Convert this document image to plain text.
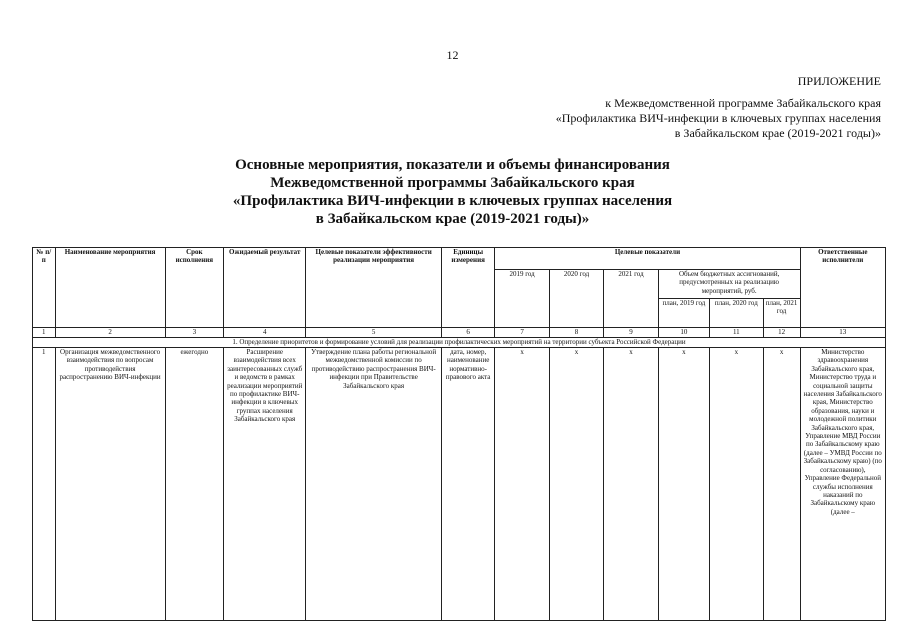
12
ПРИЛОЖЕНИЕ
к Межведомственной программе Забайкальского края
«Профилактика ВИЧ-инфекции в ключевых группах населения
в Забайкальском крае (2019-2021 годы)»
Основные мероприятия, показатели и объемы финансирования
Межведомственной программы Забайкальского края
«Профилактика ВИЧ-инфекции в ключевых группах населения
в Забайкальском крае (2019-2021 годы)»
№ п/п	Наименование мероприятия	Срок исполнения	Ожидаемый результат	Целевые показатели эффективности реализации мероприятия	Единицы измерения	Целевые показатели						Ответственные исполнители
						2019 год	2020 год	2021 год	Объем бюджетных ассигнований, предусмотренных на реализацию мероприятий, руб.			
									план, 2019 год	план, 2020 год	план, 2021 год	
1	2	3	4	5	6	7	8	9	10	11	12	13
1. Определение приоритетов и формирование условий для реализации профилактических мероприятий на территории субъекта Российской Федерации												
1	Организация межведомственного взаимодействия по вопросам противодействия распространению ВИЧ-инфекции	ежегодно	Расширение взаимодействия всех заинтересованных служб и ведомств в рамках реализации мероприятий по профилактике ВИЧ-инфекции в ключевых группах населения Забайкальского края	Утверждение плана работы региональной межведомственной комиссии по противодействию распространения ВИЧ-инфекции при Правительстве Забайкальского края	дата, номер, наименование нормативно-правового акта	х	х	х	х	х	х	Министерство здравоохранения Забайкальского края, Министерство труда и социальной защиты населения Забайкальского края, Министерство образования, науки и молодежной политики Забайкальского края, Управление МВД России по Забайкальскому краю (далее – УМВД России по Забайкальскому краю) (по согласованию), Управление Федеральной службы исполнения наказаний по Забайкальскому краю (далее –
